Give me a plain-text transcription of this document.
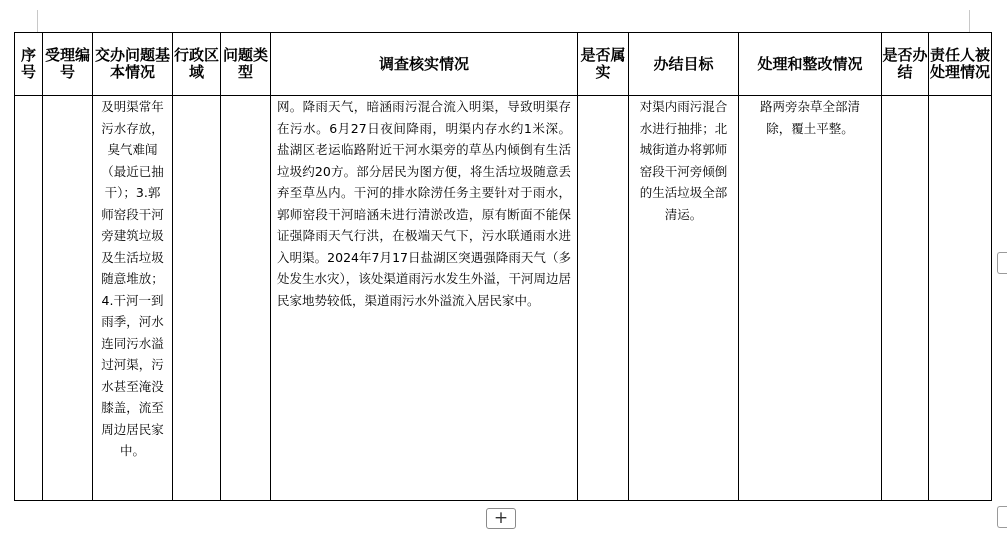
序号	受理编号	交办问题基本情况	行政区域	问题类型	调查核实情况	是否属实	办结目标	处理和整改情况	是否办结	责任人被处理情况

		及明渠常年污水存放，臭气难闻（最近已抽干）；3.郭师窑段干河旁建筑垃圾及生活垃圾随意堆放；4.干河一到雨季，河水连同污水溢过河渠，污水甚至淹没膝盖，流至周边居民家中。			网。降雨天气，暗涵雨污混合流入明渠，导致明渠存在污水。6月27日夜间降雨，明渠内存水约1米深。盐湖区老运临路附近干河水渠旁的草丛内倾倒有生活垃圾约20方。部分居民为图方便，将生活垃圾随意丢弃至草丛内。干河的排水除涝任务主要针对于雨水，郭师窑段干河暗涵未进行清淤改造，原有断面不能保证强降雨天气行洪，在极端天气下，污水联通雨水进入明渠。2024年7月17日盐湖区突遇强降雨天气（多处发生水灾），该处渠道雨污水发生外溢，干河周边居民家地势较低，渠道雨污水外溢流入居民家中。		对渠内雨污混合水进行抽排；北城街道办将郭师窑段干河旁倾倒的生活垃圾全部清运。	路两旁杂草全部清除，覆土平整。		

+
